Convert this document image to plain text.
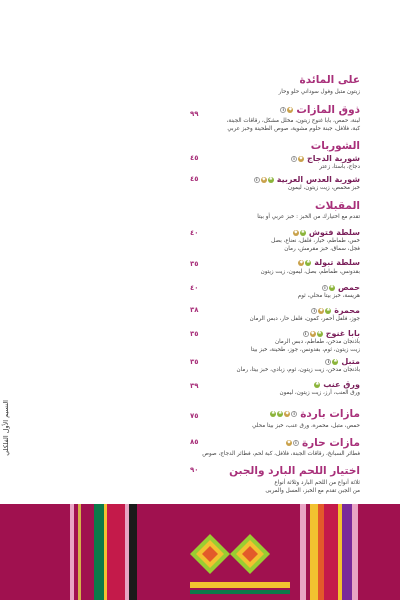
على المائدة
زيتون متبل وفول سوداني حلو وحار
ذوق المازات
◆
i
٩٩
لبنة، حمص، بابا غنوج زيتون، مخلل مشكل، رقاقات الجبنة،
كبة، فلافل، جبنة حلوم مشوية، صوص الطحينة وخبز عربي
الشوربات
شوربة الدجاج
◆
i
٤٥
دجاج، باستا، زعتر
شوربة العدس العربية
♣
◆
i
٤٥
خبز محمص، زيت زيتون، ليمون
المقبلات
تقدم مع اختيارك من الخبز : خبز عربي أو بيتا
سلطة فتوش
♣
◆
٤٠
خس، طماطم، خيار، فلفل، نعناع، بصل
فجل، سماق، خبز مقرمش، رمان
سلطة تبولة
♣
◆
٣٥
بقدونس، طماطم، بصل، ليمون، زيت زيتون
حمص
♣
i
٤٠
هريسة، خبز بيتا محلي، ثوم
محمرة
♣
◆
i
٣٨
جوز، فلفل أحمر، كمون، فلفل حار، دبس الرمان
بابا غنوج
♣
◆
i
٣٥
باذنجان مدخن، طماطم، دبس الرمان
زيت زيتون، ثوم، بقدونس، جوز، طحينة، خبز بيتا
متبل
♣
i
٣٥
باذنجان مدخن، زيت زيتون، ثوم، زبادي، خبز بيتا، رمان
ورق عنب
♣
٣٩
ورق العنب، أرز، زيت زيتون، ليمون
مازات باردة
i
◆
♣
♣
٧٥
حمص، متبل، محمرة، ورق عنب، خبز بيتا محلي
مازات حارة
i
◆
٨٥
فطائر السبانخ، رقاقات الجبنة، فلافل، كبة لحم، فطائر الدجاج، صوص
اختيار اللحم البارد والجبن
٩٠
ثلاثة أنواع من اللحم البارد وثلاثة أنواع
من الجبن تقدم مع الخبز، العسل والمربى
النسيم الأول الفلكلي
